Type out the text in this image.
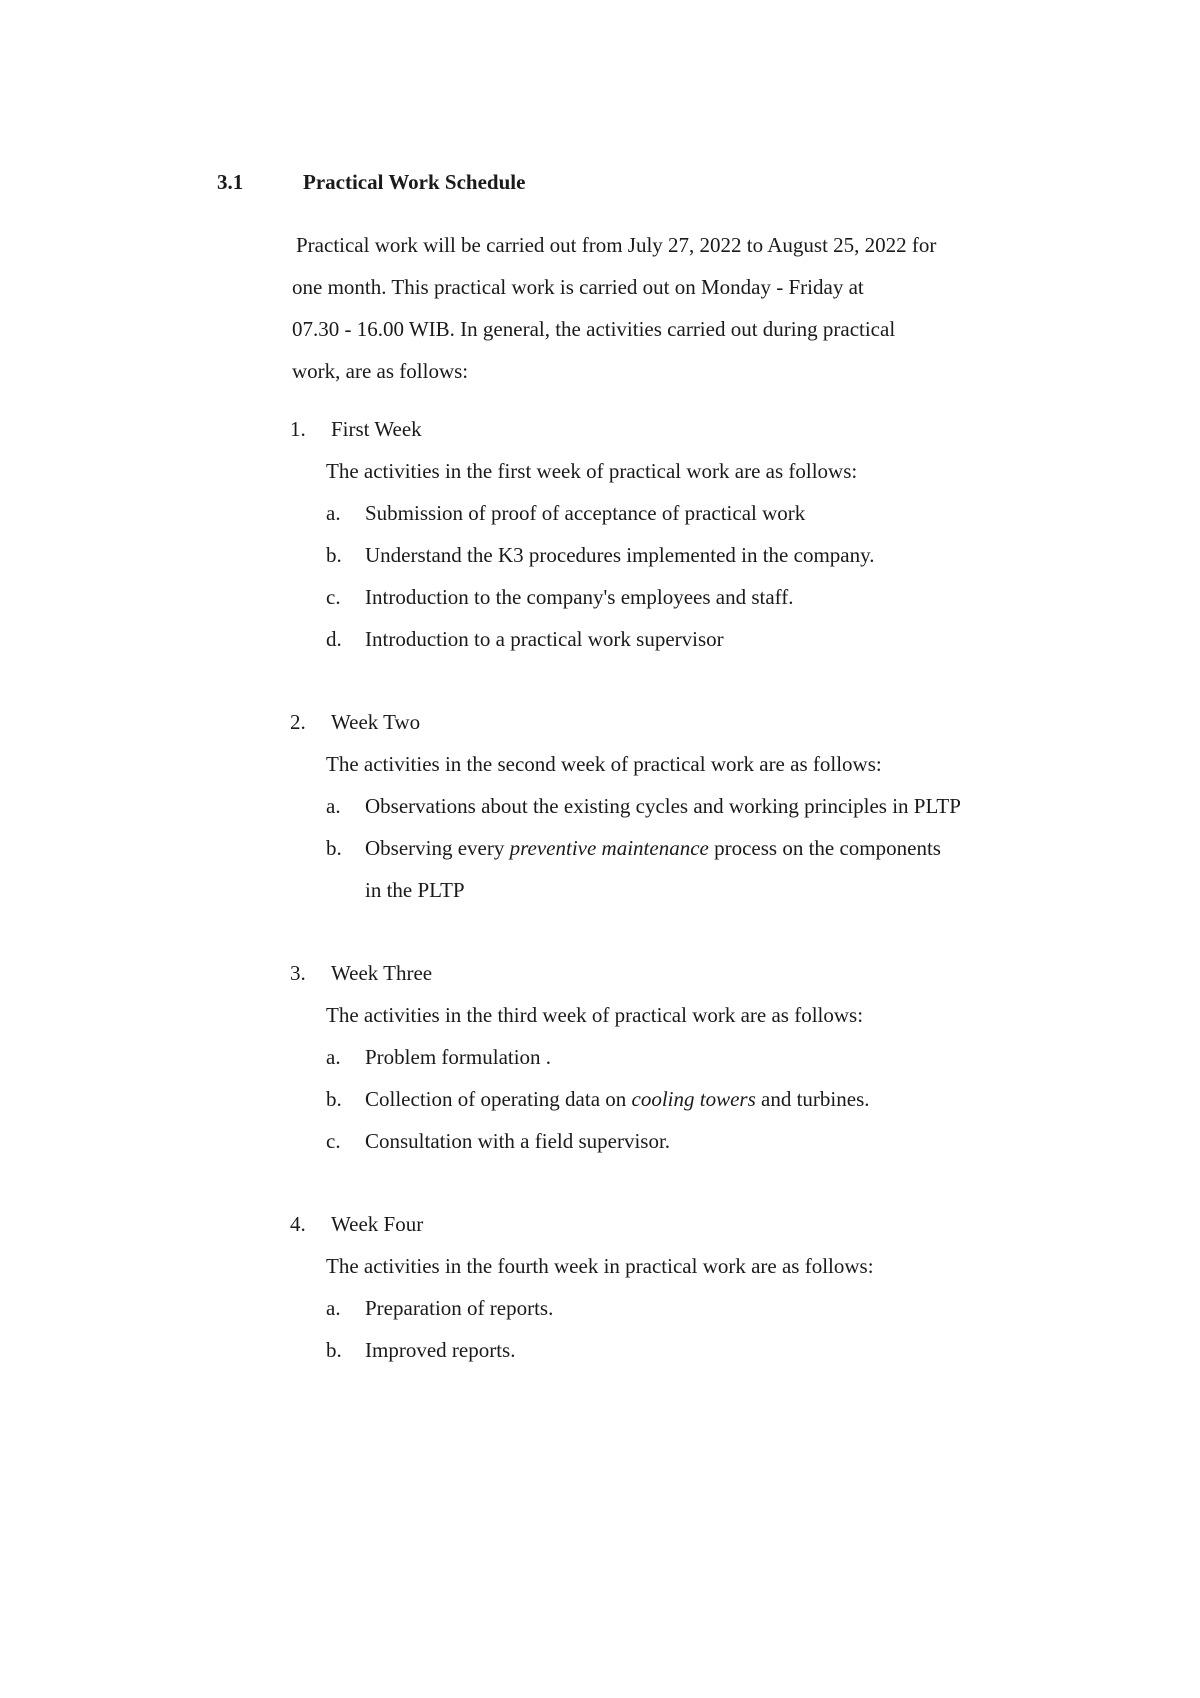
3.1	Practical Work Schedule
Practical work will be carried out from July 27, 2022 to August 25, 2022 for
one month. This practical work is carried out on Monday - Friday at
07.30 - 16.00 WIB. In general, the activities carried out during practical
work, are as follows:
1. First Week
The activities in the first week of practical work are as follows:
a.	Submission of proof of acceptance of practical work
b.	Understand the K3 procedures implemented in the company.
c.	Introduction to the company's employees and staff.
d.	Introduction to a practical work supervisor
2. Week Two
The activities in the second week of practical work are as follows:
a.	Observations about the existing cycles and working principles in PLTP
b.	Observing every preventive maintenance process on the components
in the PLTP
3. Week Three
The activities in the third week of practical work are as follows:
a.	Problem formulation .
b.	Collection of operating data on cooling towers and turbines.
c.	Consultation with a field supervisor.
4. Week Four
The activities in the fourth week in practical work are as follows:
a.	Preparation of reports.
b.	Improved reports.
